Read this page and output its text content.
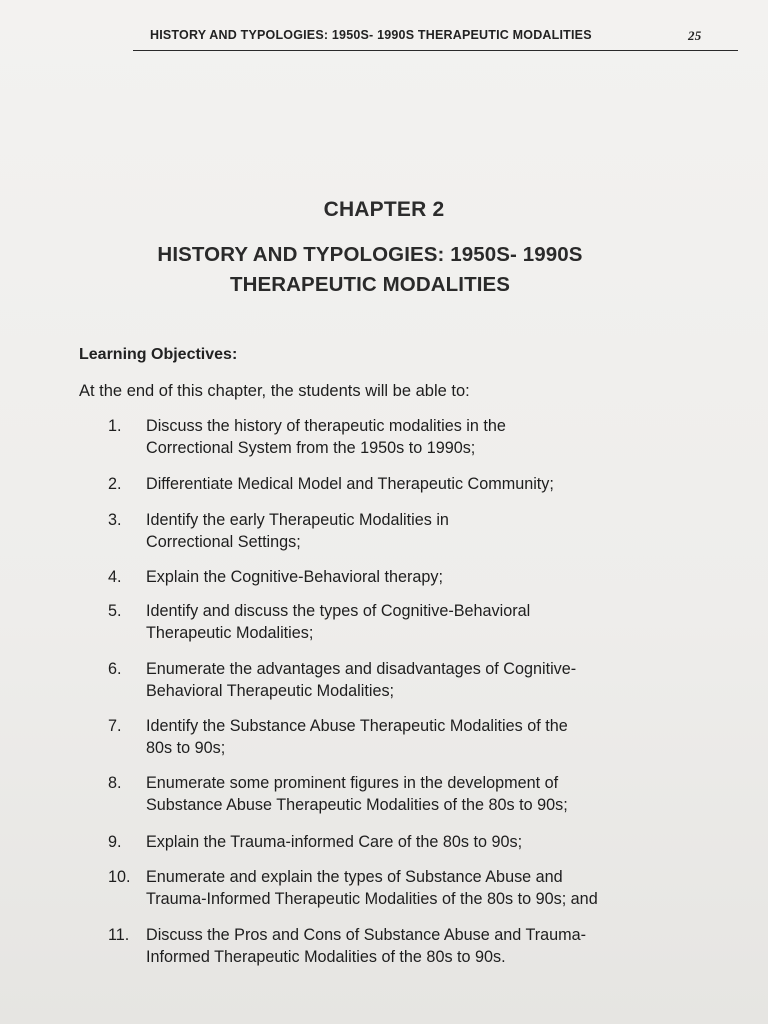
HISTORY AND TYPOLOGIES: 1950S- 1990S THERAPEUTIC MODALITIES	25
CHAPTER 2
HISTORY AND TYPOLOGIES: 1950S- 1990S
THERAPEUTIC MODALITIES
Learning Objectives:
At the end of this chapter, the students will be able to:
1.	Discuss the history of therapeutic modalities in the
Correctional System from the 1950s to 1990s;
2.	Differentiate Medical Model and Therapeutic Community;
3.	Identify the early Therapeutic Modalities in
Correctional Settings;
4.	Explain the Cognitive-Behavioral therapy;
5.	Identify and discuss the types of Cognitive-Behavioral
Therapeutic Modalities;
6.	Enumerate the advantages and disadvantages of Cognitive-
Behavioral Therapeutic Modalities;
7.	Identify the Substance Abuse Therapeutic Modalities of the
80s to 90s;
8.	Enumerate some prominent figures in the development of
Substance Abuse Therapeutic Modalities of the 80s to 90s;
9.	Explain the Trauma-informed Care of the 80s to 90s;
10. Enumerate and explain the types of Substance Abuse and
Trauma-Informed Therapeutic Modalities of the 80s to 90s; and
11.	Discuss the Pros and Cons of Substance Abuse and Trauma-
Informed Therapeutic Modalities of the 80s to 90s.
